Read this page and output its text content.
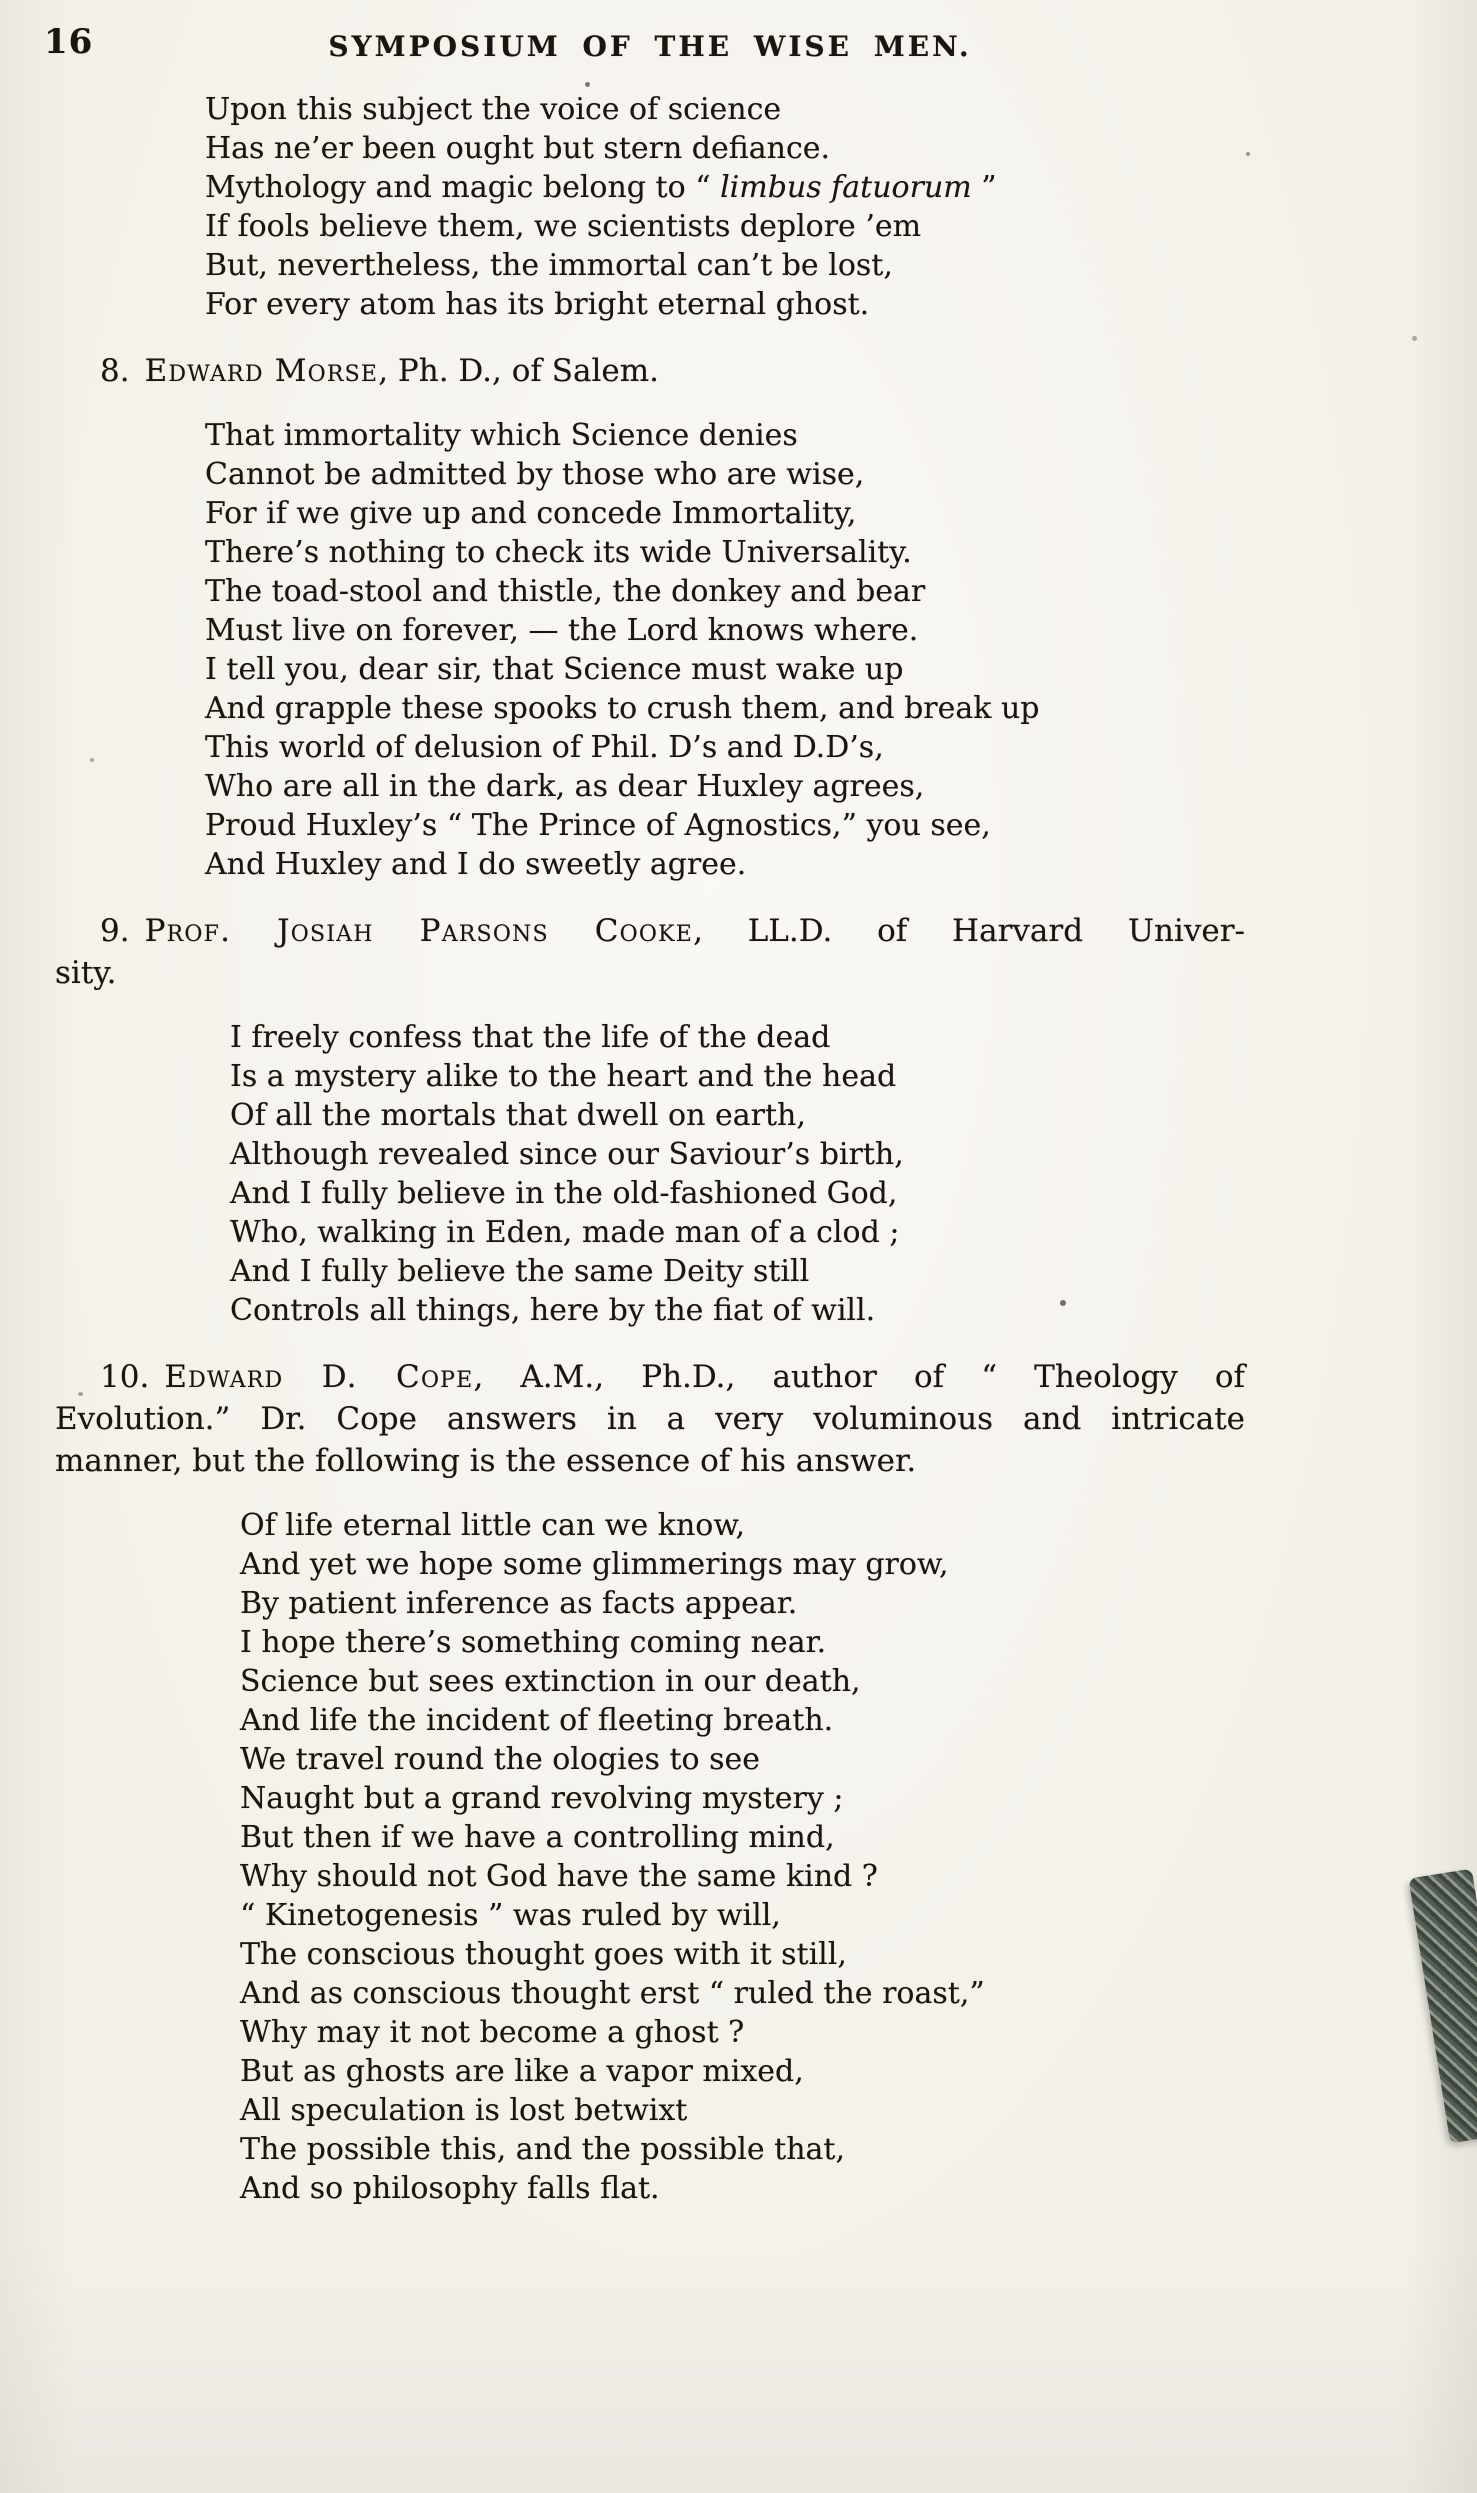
16	SYMPOSIUM OF THE WISE MEN.
Upon this subject the voice of science
Has ne’er been ought but stern defiance.
Mythology and magic belong to “ limbus fatuorum ”
If fools believe them, we scientists deplore ’em
But, nevertheless, the immortal can’t be lost,
For every atom has its bright eternal ghost.
8. Edward Morse, Ph. D., of Salem.
That immortality which Science denies
Cannot be admitted by those who are wise,
For if we give up and concede Immortality,
There’s nothing to check its wide Universality.
The toad-stool and thistle, the donkey and bear
Must live on forever, — the Lord knows where.
I tell you, dear sir, that Science must wake up
And grapple these spooks to crush them, and break up
This world of delusion of Phil. D’s and D.D’s,
Who are all in the dark, as dear Huxley agrees,
Proud Huxley’s “ The Prince of Agnostics,” you see,
And Huxley and I do sweetly agree.
9. Prof. Josiah Parsons Cooke, LL.D. of Harvard Univer-
sity.
I freely confess that the life of the dead
Is a mystery alike to the heart and the head
Of all the mortals that dwell on earth,
Although revealed since our Saviour’s birth,
And I fully believe in the old-fashioned God,
Who, walking in Eden, made man of a clod ;
And I fully believe the same Deity still
Controls all things, here by the fiat of will.
10. Edward D. Cope, A.M., Ph.D., author of “ Theology of
Evolution.” Dr. Cope answers in a very voluminous and intricate
manner, but the following is the essence of his answer.
Of life eternal little can we know,
And yet we hope some glimmerings may grow,
By patient inference as facts appear.
I hope there’s something coming near.
Science but sees extinction in our death,
And life the incident of fleeting breath.
We travel round the ologies to see
Naught but a grand revolving mystery ;
But then if we have a controlling mind,
Why should not God have the same kind ?
“ Kinetogenesis ” was ruled by will,
The conscious thought goes with it still,
And as conscious thought erst “ ruled the roast,”
Why may it not become a ghost ?
But as ghosts are like a vapor mixed,
All speculation is lost betwixt
The possible this, and the possible that,
And so philosophy falls flat.
